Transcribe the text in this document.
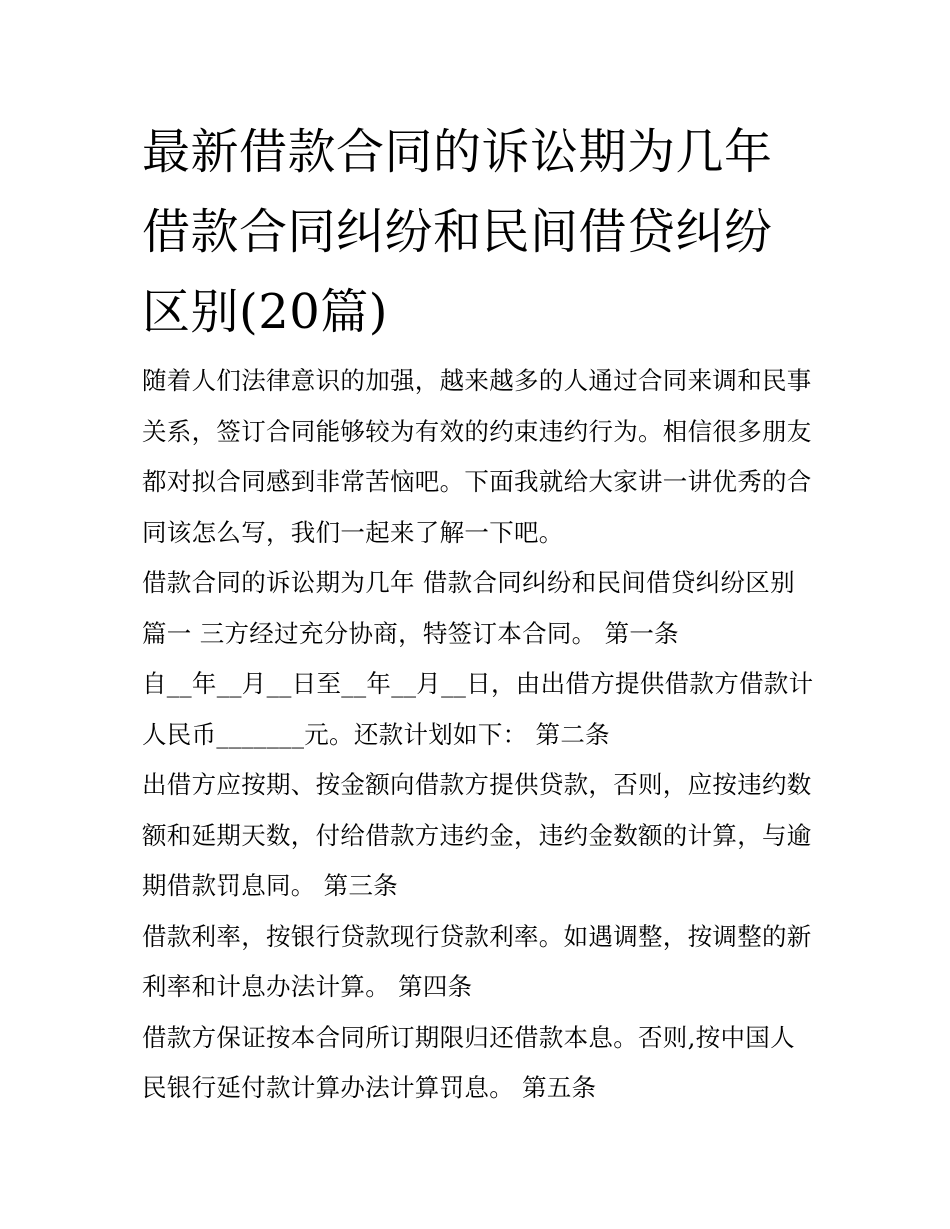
最新借款合同的诉讼期为几年借款合同纠纷和民间借贷纠纷区别(20篇)

随着人们法律意识的加强，越来越多的人通过合同来调和民事关系，签订合同能够较为有效的约束违约行为。相信很多朋友都对拟合同感到非常苦恼吧。下面我就给大家讲一讲优秀的合同该怎么写，我们一起来了解一下吧。

借款合同的诉讼期为几年 借款合同纠纷和民间借贷纠纷区别篇一 三方经过充分协商，特签订本合同。 第一条

自__年__月__日至__年__月__日，由出借方提供借款方借款计人民币_______元。还款计划如下： 第二条

出借方应按期、按金额向借款方提供贷款，否则，应按违约数额和延期天数，付给借款方违约金，违约金数额的计算，与逾期借款罚息同。 第三条

借款利率，按银行贷款现行贷款利率。如遇调整，按调整的新利率和计息办法计算。 第四条

借款方保证按本合同所订期限归还借款本息。否则,按中国人民银行延付款计算办法计算罚息。 第五条
